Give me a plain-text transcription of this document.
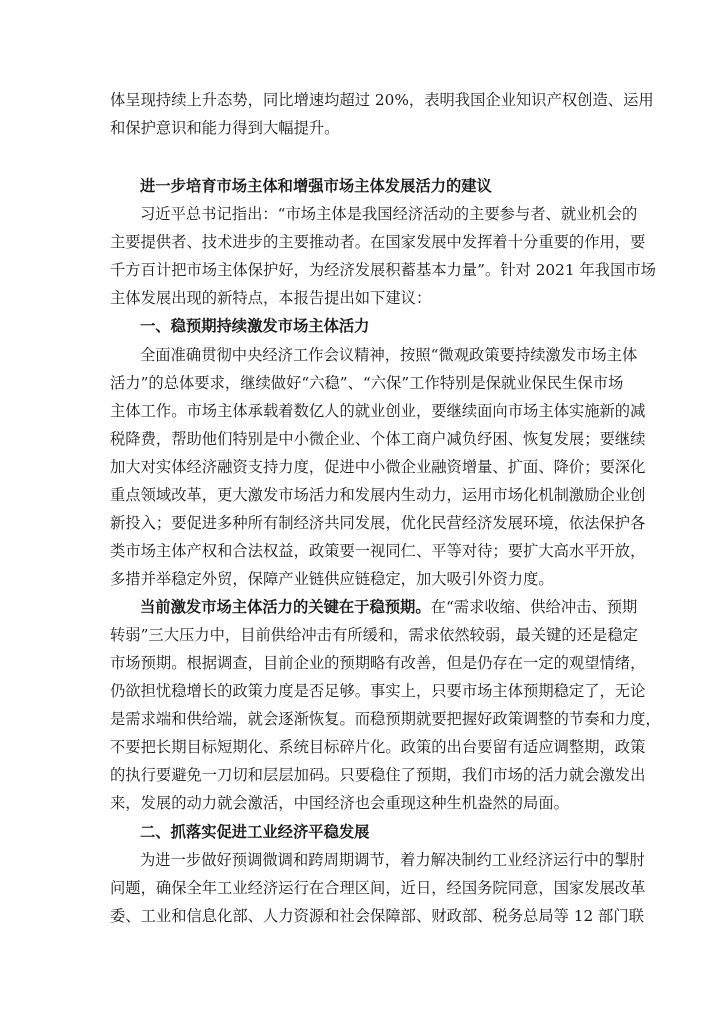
体呈现持续上升态势，同比增速均超过 20%，表明我国企业知识产权创造、运用
和保护意识和能力得到大幅提升。
进一步培育市场主体和增强市场主体发展活力的建议
习近平总书记指出：“市场主体是我国经济活动的主要参与者、就业机会的
主要提供者、技术进步的主要推动者。在国家发展中发挥着十分重要的作用，要
千方百计把市场主体保护好，为经济发展积蓄基本力量”。针对 2021 年我国市场
主体发展出现的新特点，本报告提出如下建议：
一、稳预期持续激发市场主体活力
全面准确贯彻中央经济工作会议精神，按照“微观政策要持续激发市场主体
活力”的总体要求，继续做好“六稳”、“六保”工作特别是保就业保民生保市场
主体工作。市场主体承载着数亿人的就业创业，要继续面向市场主体实施新的减
税降费，帮助他们特别是中小微企业、个体工商户减负纾困、恢复发展；要继续
加大对实体经济融资支持力度，促进中小微企业融资增量、扩面、降价；要深化
重点领域改革，更大激发市场活力和发展内生动力，运用市场化机制激励企业创
新投入；要促进多种所有制经济共同发展，优化民营经济发展环境，依法保护各
类市场主体产权和合法权益，政策要一视同仁、平等对待；要扩大高水平开放，
多措并举稳定外贸，保障产业链供应链稳定，加大吸引外资力度。
当前激发市场主体活力的关键在于稳预期。在“需求收缩、供给冲击、预期
转弱”三大压力中，目前供给冲击有所缓和，需求依然较弱，最关键的还是稳定
市场预期。根据调查，目前企业的预期略有改善，但是仍存在一定的观望情绪，
仍欲担忧稳增长的政策力度是否足够。事实上，只要市场主体预期稳定了，无论
是需求端和供给端，就会逐渐恢复。而稳预期就要把握好政策调整的节奏和力度，
不要把长期目标短期化、系统目标碎片化。政策的出台要留有适应调整期，政策
的执行要避免一刀切和层层加码。只要稳住了预期，我们市场的活力就会激发出
来，发展的动力就会激活，中国经济也会重现这种生机盎然的局面。
二、抓落实促进工业经济平稳发展
为进一步做好预调微调和跨周期调节，着力解决制约工业经济运行中的掣肘
问题，确保全年工业经济运行在合理区间，近日，经国务院同意，国家发展改革
委、工业和信息化部、人力资源和社会保障部、财政部、税务总局等 12 部门联
